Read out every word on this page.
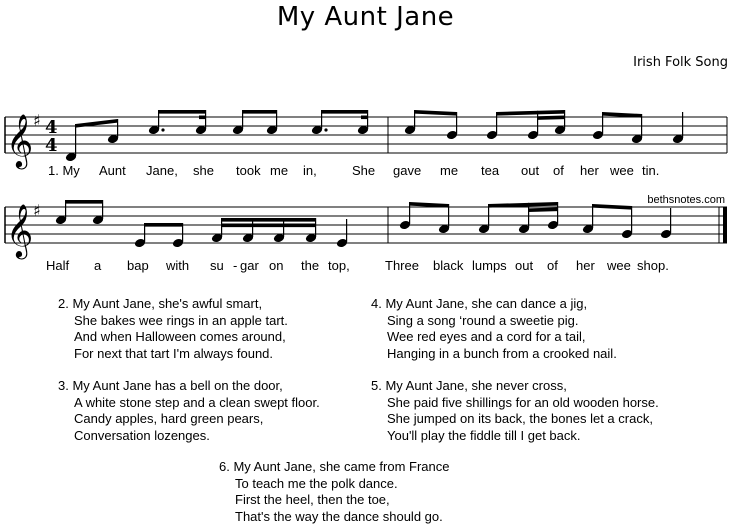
My Aunt Jane
Irish Folk Song
bethsnotes.com
𝄞 ♯ 4
4
𝄞 ♯
1. My Aunt Jane, she took me in,	She gave me tea out of her wee tin.
Half a bap with su - gar on the top,	Three black lumps out of her wee shop.
2. My Aunt Jane, she's awful smart,
She bakes wee rings in an apple tart.
And when Halloween comes around,
For next that tart I'm always found.
3. My Aunt Jane has a bell on the door,
A white stone step and a clean swept floor.
Candy apples, hard green pears,
Conversation lozenges.
4. My Aunt Jane, she can dance a jig,
Sing a song ‘round a sweetie pig.
Wee red eyes and a cord for a tail,
Hanging in a bunch from a crooked nail.
5. My Aunt Jane, she never cross,
She paid five shillings for an old wooden horse.
She jumped on its back, the bones let a crack,
You'll play the fiddle till I get back.
6. My Aunt Jane, she came from France
To teach me the polk dance.
First the heel, then the toe,
That's the way the dance should go.
